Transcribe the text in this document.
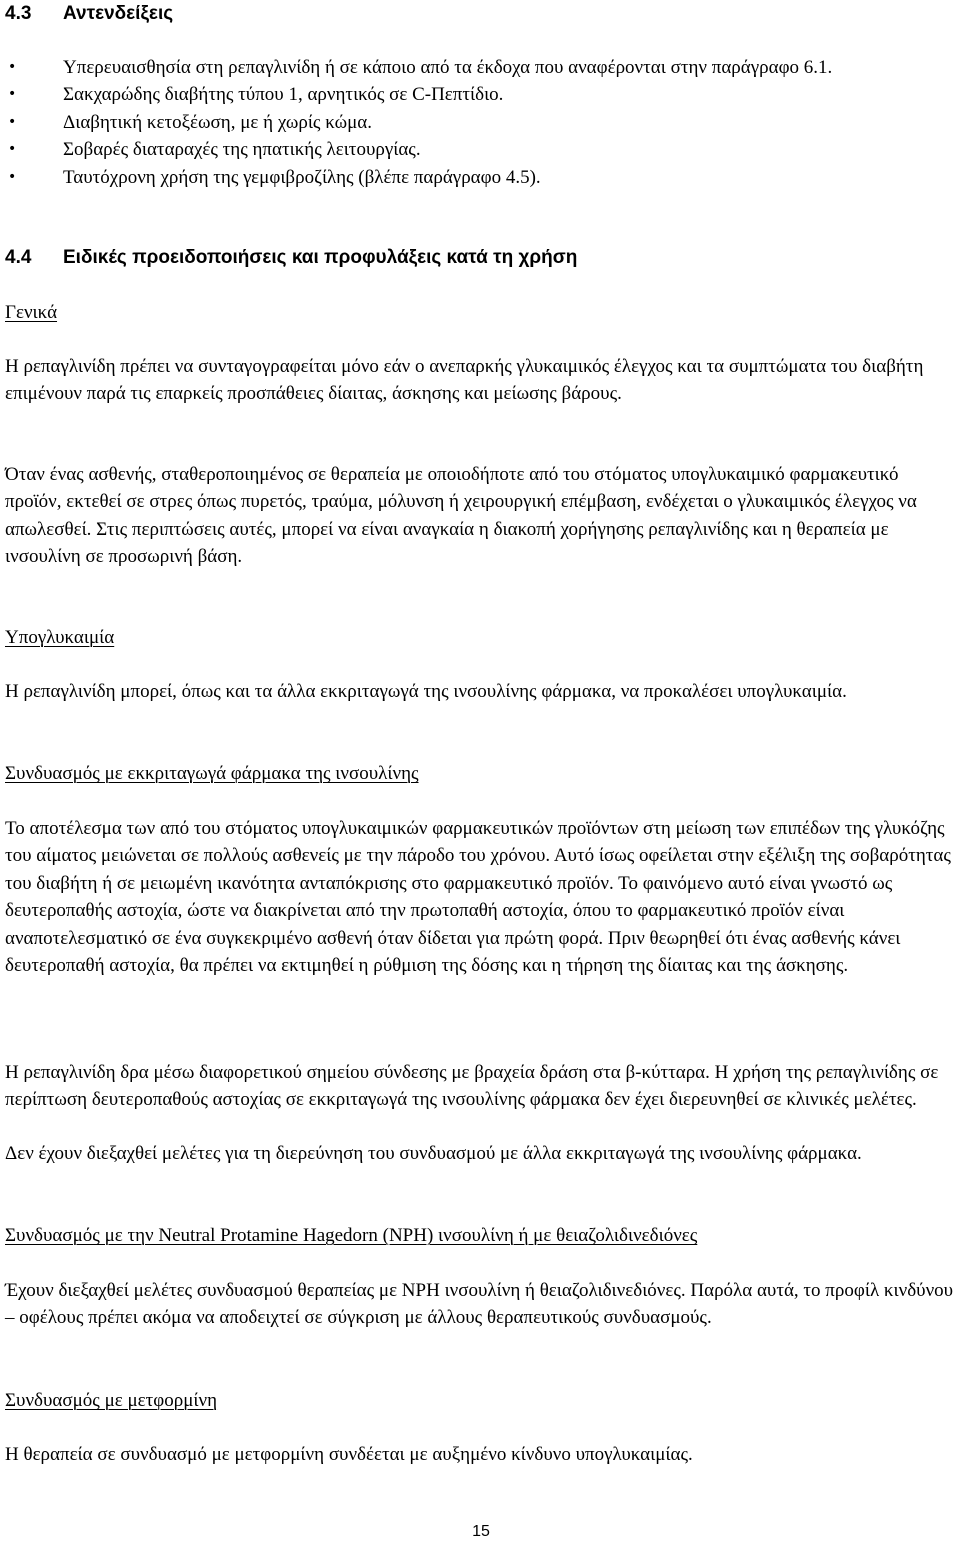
4.3	Αντενδείξεις
• Υπερευαισθησία στη ρεπαγλινίδη ή σε κάποιο από τα έκδοχα που αναφέρονται στην παράγραφο 6.1.
• Σακχαρώδης διαβήτης τύπου 1, αρνητικός σε C-Πεπτίδιο.
• Διαβητική κετοξέωση, με ή χωρίς κώμα.
• Σοβαρές διαταραχές της ηπατικής λειτουργίας.
• Ταυτόχρονη χρήση της γεμφιβροζίλης (βλέπε παράγραφο 4.5).
4.4	Ειδικές προειδοποιήσεις και προφυλάξεις κατά τη χρήση
Γενικά

Η ρεπαγλινίδη πρέπει να συνταγογραφείται μόνο εάν ο ανεπαρκής γλυκαιμικός έλεγχος και τα συμπτώματα του διαβήτη επιμένουν παρά τις επαρκείς προσπάθειες δίαιτας, άσκησης και μείωσης βάρους.

Όταν ένας ασθενής, σταθεροποιημένος σε θεραπεία με οποιοδήποτε από του στόματος υπογλυκαιμικό φαρμακευτικό προϊόν, εκτεθεί σε στρες όπως πυρετός, τραύμα, μόλυνση ή χειρουργική επέμβαση, ενδέχεται ο γλυκαιμικός έλεγχος να απωλεσθεί. Στις περιπτώσεις αυτές, μπορεί να είναι αναγκαία η διακοπή χορήγησης ρεπαγλινίδης και η θεραπεία με ινσουλίνη σε προσωρινή βάση.

Υπογλυκαιμία

Η ρεπαγλινίδη μπορεί, όπως και τα άλλα εκκριταγωγά της ινσουλίνης φάρμακα, να προκαλέσει υπογλυκαιμία.

Συνδυασμός με εκκριταγωγά φάρμακα της ινσουλίνης

Το αποτέλεσμα των από του στόματος υπογλυκαιμικών φαρμακευτικών προϊόντων στη μείωση των επιπέδων της γλυκόζης του αίματος μειώνεται σε πολλούς ασθενείς με την πάροδο του χρόνου. Αυτό ίσως οφείλεται στην εξέλιξη της σοβαρότητας του διαβήτη ή σε μειωμένη ικανότητα ανταπόκρισης στο φαρμακευτικό προϊόν. Το φαινόμενο αυτό είναι γνωστό ως δευτεροπαθής αστοχία, ώστε να διακρίνεται από την πρωτοπαθή αστοχία, όπου το φαρμακευτικό προϊόν είναι αναποτελεσματικό σε ένα συγκεκριμένο ασθενή όταν δίδεται για πρώτη φορά. Πριν θεωρηθεί ότι ένας ασθενής κάνει δευτεροπαθή αστοχία, θα πρέπει να εκτιμηθεί η ρύθμιση της δόσης και η τήρηση της δίαιτας και της άσκησης.

Η ρεπαγλινίδη δρα μέσω διαφορετικού σημείου σύνδεσης με βραχεία δράση στα β-κύτταρα. Η χρήση της ρεπαγλινίδης σε περίπτωση δευτεροπαθούς αστοχίας σε εκκριταγωγά της ινσουλίνης φάρμακα δεν έχει διερευνηθεί σε κλινικές μελέτες.

Δεν έχουν διεξαχθεί μελέτες για τη διερεύνηση του συνδυασμού με άλλα εκκριταγωγά της ινσουλίνης φάρμακα.

Συνδυασμός με την Neutral Protamine Hagedorn (NPH) ινσουλίνη ή με θειαζολιδινεδιόνες

Έχουν διεξαχθεί μελέτες συνδυασμού θεραπείας με NPH ινσουλίνη ή θειαζολιδινεδιόνες. Παρόλα αυτά, το προφίλ κινδύνου – οφέλους πρέπει ακόμα να αποδειχτεί σε σύγκριση με άλλους θεραπευτικούς συνδυασμούς.

Συνδυασμός με μετφορμίνη

Η θεραπεία σε συνδυασμό με μετφορμίνη συνδέεται με αυξημένο κίνδυνο υπογλυκαιμίας.

15
